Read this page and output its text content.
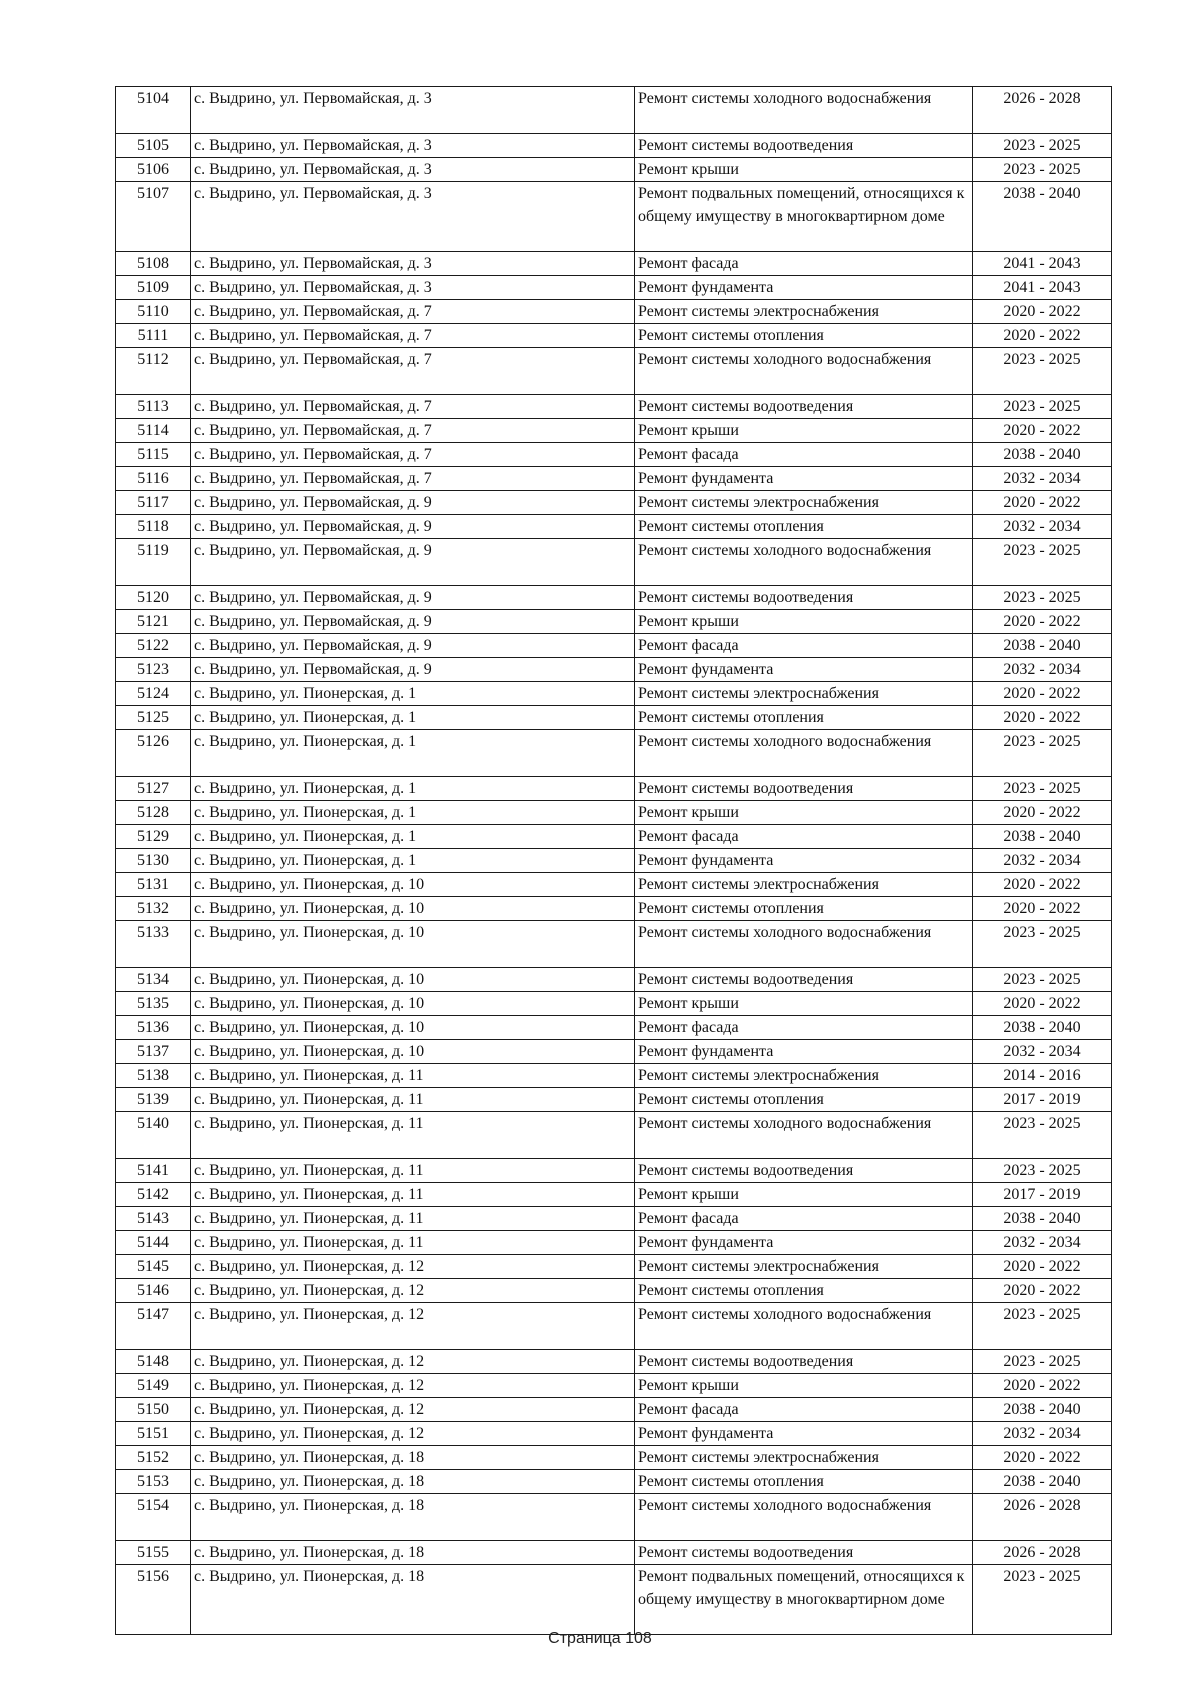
5104	с. Выдрино, ул. Первомайская, д. 3	Ремонт системы холодного водоснабжения	2026 - 2028
5105	с. Выдрино, ул. Первомайская, д. 3	Ремонт системы водоотведения	2023 - 2025
5106	с. Выдрино, ул. Первомайская, д. 3	Ремонт крыши	2023 - 2025
5107	с. Выдрино, ул. Первомайская, д. 3	Ремонт подвальных помещений, относящихся к общему имуществу в многоквартирном доме	2038 - 2040
5108	с. Выдрино, ул. Первомайская, д. 3	Ремонт фасада	2041 - 2043
5109	с. Выдрино, ул. Первомайская, д. 3	Ремонт фундамента	2041 - 2043
5110	с. Выдрино, ул. Первомайская, д. 7	Ремонт системы электроснабжения	2020 - 2022
5111	с. Выдрино, ул. Первомайская, д. 7	Ремонт системы отопления	2020 - 2022
5112	с. Выдрино, ул. Первомайская, д. 7	Ремонт системы холодного водоснабжения	2023 - 2025
5113	с. Выдрино, ул. Первомайская, д. 7	Ремонт системы водоотведения	2023 - 2025
5114	с. Выдрино, ул. Первомайская, д. 7	Ремонт крыши	2020 - 2022
5115	с. Выдрино, ул. Первомайская, д. 7	Ремонт фасада	2038 - 2040
5116	с. Выдрино, ул. Первомайская, д. 7	Ремонт фундамента	2032 - 2034
5117	с. Выдрино, ул. Первомайская, д. 9	Ремонт системы электроснабжения	2020 - 2022
5118	с. Выдрино, ул. Первомайская, д. 9	Ремонт системы отопления	2032 - 2034
5119	с. Выдрино, ул. Первомайская, д. 9	Ремонт системы холодного водоснабжения	2023 - 2025
5120	с. Выдрино, ул. Первомайская, д. 9	Ремонт системы водоотведения	2023 - 2025
5121	с. Выдрино, ул. Первомайская, д. 9	Ремонт крыши	2020 - 2022
5122	с. Выдрино, ул. Первомайская, д. 9	Ремонт фасада	2038 - 2040
5123	с. Выдрино, ул. Первомайская, д. 9	Ремонт фундамента	2032 - 2034
5124	с. Выдрино, ул. Пионерская, д. 1	Ремонт системы электроснабжения	2020 - 2022
5125	с. Выдрино, ул. Пионерская, д. 1	Ремонт системы отопления	2020 - 2022
5126	с. Выдрино, ул. Пионерская, д. 1	Ремонт системы холодного водоснабжения	2023 - 2025
5127	с. Выдрино, ул. Пионерская, д. 1	Ремонт системы водоотведения	2023 - 2025
5128	с. Выдрино, ул. Пионерская, д. 1	Ремонт крыши	2020 - 2022
5129	с. Выдрино, ул. Пионерская, д. 1	Ремонт фасада	2038 - 2040
5130	с. Выдрино, ул. Пионерская, д. 1	Ремонт фундамента	2032 - 2034
5131	с. Выдрино, ул. Пионерская, д. 10	Ремонт системы электроснабжения	2020 - 2022
5132	с. Выдрино, ул. Пионерская, д. 10	Ремонт системы отопления	2020 - 2022
5133	с. Выдрино, ул. Пионерская, д. 10	Ремонт системы холодного водоснабжения	2023 - 2025
5134	с. Выдрино, ул. Пионерская, д. 10	Ремонт системы водоотведения	2023 - 2025
5135	с. Выдрино, ул. Пионерская, д. 10	Ремонт крыши	2020 - 2022
5136	с. Выдрино, ул. Пионерская, д. 10	Ремонт фасада	2038 - 2040
5137	с. Выдрино, ул. Пионерская, д. 10	Ремонт фундамента	2032 - 2034
5138	с. Выдрино, ул. Пионерская, д. 11	Ремонт системы электроснабжения	2014 - 2016
5139	с. Выдрино, ул. Пионерская, д. 11	Ремонт системы отопления	2017 - 2019
5140	с. Выдрино, ул. Пионерская, д. 11	Ремонт системы холодного водоснабжения	2023 - 2025
5141	с. Выдрино, ул. Пионерская, д. 11	Ремонт системы водоотведения	2023 - 2025
5142	с. Выдрино, ул. Пионерская, д. 11	Ремонт крыши	2017 - 2019
5143	с. Выдрино, ул. Пионерская, д. 11	Ремонт фасада	2038 - 2040
5144	с. Выдрино, ул. Пионерская, д. 11	Ремонт фундамента	2032 - 2034
5145	с. Выдрино, ул. Пионерская, д. 12	Ремонт системы электроснабжения	2020 - 2022
5146	с. Выдрино, ул. Пионерская, д. 12	Ремонт системы отопления	2020 - 2022
5147	с. Выдрино, ул. Пионерская, д. 12	Ремонт системы холодного водоснабжения	2023 - 2025
5148	с. Выдрино, ул. Пионерская, д. 12	Ремонт системы водоотведения	2023 - 2025
5149	с. Выдрино, ул. Пионерская, д. 12	Ремонт крыши	2020 - 2022
5150	с. Выдрино, ул. Пионерская, д. 12	Ремонт фасада	2038 - 2040
5151	с. Выдрино, ул. Пионерская, д. 12	Ремонт фундамента	2032 - 2034
5152	с. Выдрино, ул. Пионерская, д. 18	Ремонт системы электроснабжения	2020 - 2022
5153	с. Выдрино, ул. Пионерская, д. 18	Ремонт системы отопления	2038 - 2040
5154	с. Выдрино, ул. Пионерская, д. 18	Ремонт системы холодного водоснабжения	2026 - 2028
5155	с. Выдрино, ул. Пионерская, д. 18	Ремонт системы водоотведения	2026 - 2028
5156	с. Выдрино, ул. Пионерская, д. 18	Ремонт подвальных помещений, относящихся к общему имуществу в многоквартирном доме	2023 - 2025
Страница 108
